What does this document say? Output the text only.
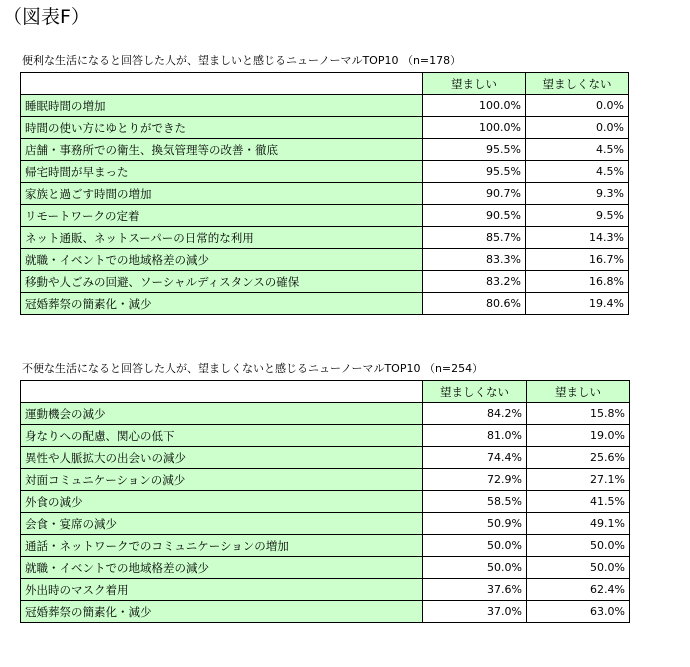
（図表F）
便利な生活になると回答した人が、望ましいと感じるニューノーマルTOP10 （n=178）
	望ましい	望ましくない
睡眠時間の増加	100.0%	0.0%
時間の使い方にゆとりができた	100.0%	0.0%
店舗・事務所での衛生、換気管理等の改善・徹底	95.5%	4.5%
帰宅時間が早まった	95.5%	4.5%
家族と過ごす時間の増加	90.7%	9.3%
リモートワークの定着	90.5%	9.5%
ネット通販、ネットスーパーの日常的な利用	85.7%	14.3%
就職・イベントでの地域格差の減少	83.3%	16.7%
移動や人ごみの回避、ソーシャルディスタンスの確保	83.2%	16.8%
冠婚葬祭の簡素化・減少	80.6%	19.4%
不便な生活になると回答した人が、望ましくないと感じるニューノーマルTOP10 （n=254）
	望ましくない	望ましい
運動機会の減少	84.2%	15.8%
身なりへの配慮、関心の低下	81.0%	19.0%
異性や人脈拡大の出会いの減少	74.4%	25.6%
対面コミュニケーションの減少	72.9%	27.1%
外食の減少	58.5%	41.5%
会食・宴席の減少	50.9%	49.1%
通話・ネットワークでのコミュニケーションの増加	50.0%	50.0%
就職・イベントでの地域格差の減少	50.0%	50.0%
外出時のマスク着用	37.6%	62.4%
冠婚葬祭の簡素化・減少	37.0%	63.0%
